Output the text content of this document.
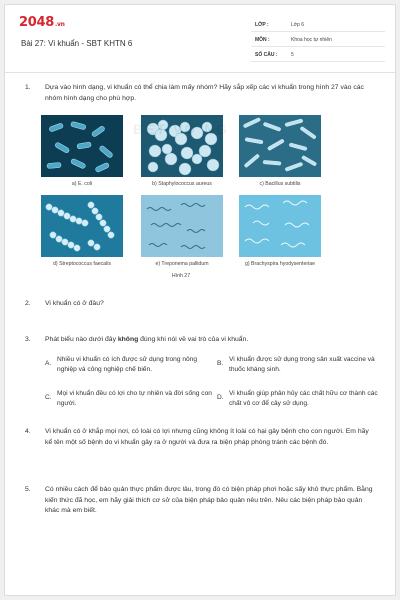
2048.vn
Bài 27: Vi khuẩn - SBT KHTN 6
LỚP :	Lớp 6
MÔN :	Khoa học tự nhiên
SỐ CÂU :	5
1. Dựa vào hình dạng, vi khuẩn có thể chia làm mấy nhóm? Hãy sắp xếp các vi khuẩn trong hình 27 vào các nhóm hình dạng cho phù hợp.
a) E. coli	b) Staphylococcus aureus	c) Bacillus subtilis
d) Streptococcus faecalis	e) Treponema pallidum	g) Brachyspira hyodysenteriae
Hình 27
BẾT VỞ NG
2. Vi khuẩn có ở đâu?
3. Phát biểu nào dưới đây không đúng khi nói về vai trò của vi khuẩn.
A.
Nhiều vi khuẩn có ích được sử dụng trong nông nghiệp và công nghiệp chế biến.
B.
Vi khuẩn được sử dụng trong sản xuất vaccine và thuốc kháng sinh.
C.
Mọi vi khuẩn đều có lợi cho tự nhiên và đời sống con người.
D.
Vi khuẩn giúp phân hủy các chất hữu cơ thành các chất vô cơ để cây sử dụng.
4. Vi khuẩn có ở khắp mọi nơi, có loài có lợi nhưng cũng không ít loài có hại gây bệnh cho con người. Em hãy kể tên một số bệnh do vi khuẩn gây ra ở người và đưa ra biện pháp phòng tránh các bệnh đó.
5. Có nhiều cách để bảo quản thực phẩm được lâu, trong đó có biện pháp phơi hoặc sấy khô thực phẩm. Bằng kiến thức đã học, em hãy giải thích cơ sở của biện pháp bảo quản nêu trên. Nêu các biện pháp bảo quản khác mà em biết.
